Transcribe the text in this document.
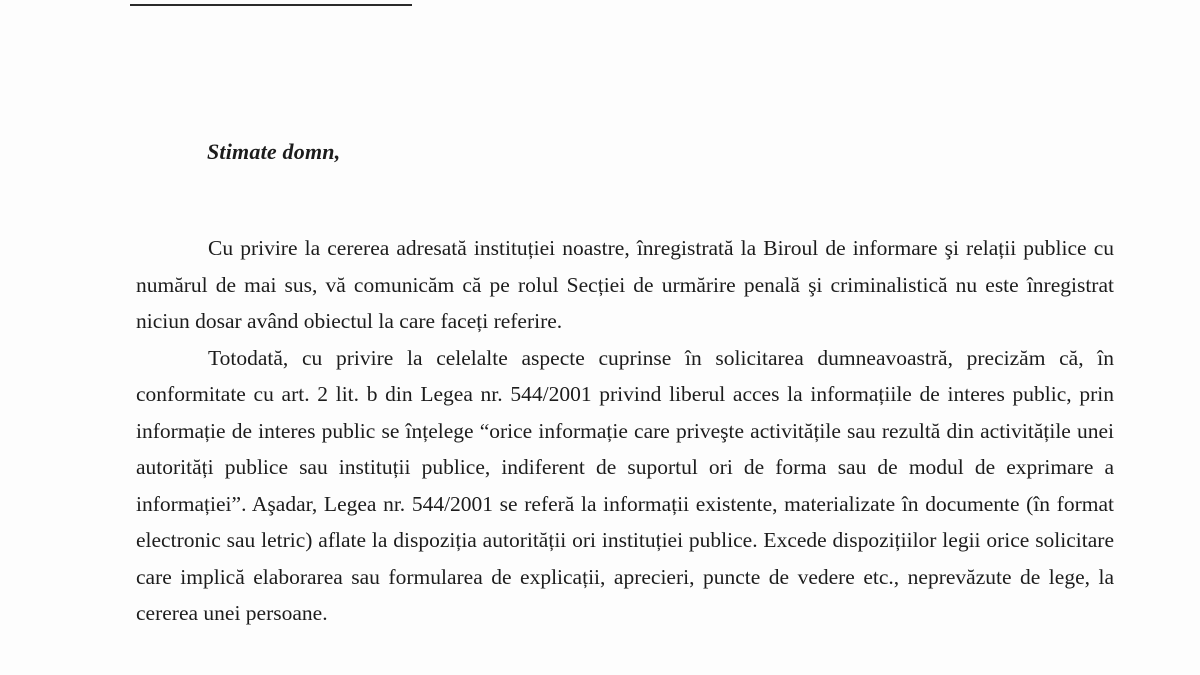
Stimate domn,

Cu privire la cererea adresată instituției noastre, înregistrată la Biroul de informare şi relații publice cu numărul de mai sus, vă comunicăm că pe rolul Secției de urmărire penală şi criminalistică nu este înregistrat niciun dosar având obiectul la care faceți referire.

Totodată, cu privire la celelalte aspecte cuprinse în solicitarea dumneavoastră, precizăm că, în conformitate cu art. 2 lit. b din Legea nr. 544/2001 privind liberul acces la informațiile de interes public, prin informație de interes public se înțelege “orice informație care priveşte activitățile sau rezultă din activitățile unei autorități publice sau instituții publice, indiferent de suportul ori de forma sau de modul de exprimare a informației”. Aşadar, Legea nr. 544/2001 se referă la informații existente, materializate în documente (în format electronic sau letric) aflate la dispoziția autorității ori instituției publice. Excede dispozițiilor legii orice solicitare care implică elaborarea sau formularea de explicații, aprecieri, puncte de vedere etc., neprevăzute de lege, la cererea unei persoane.
